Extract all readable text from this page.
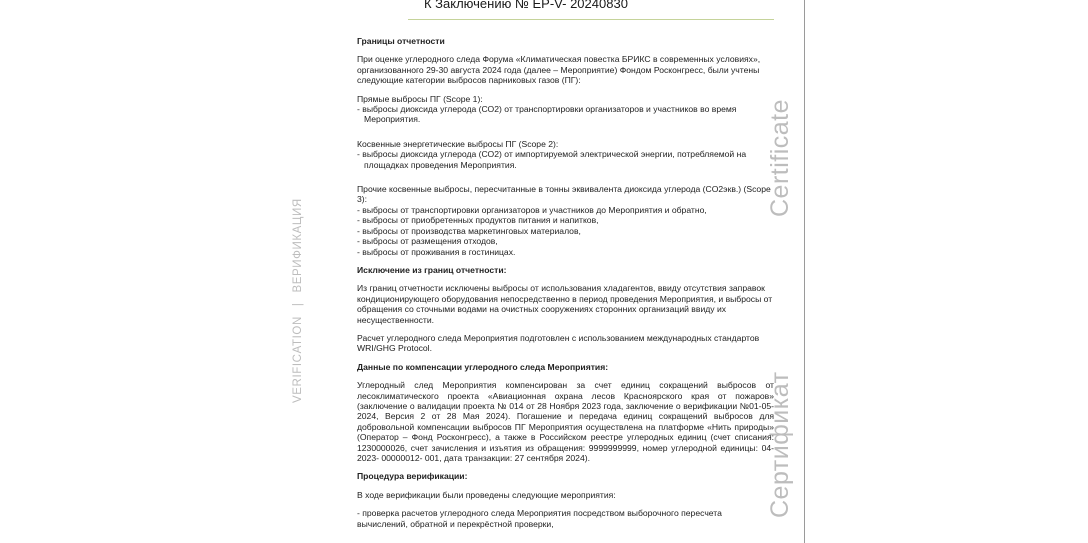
К Заключению № EP-V- 20240830
VERIFICATION|ВЕРИФИКАЦИЯ
Certificate
Сертификат

Границы отчетности

При оценке углеродного следа Форума «Климатическая повестка БРИКС в современных условиях», организованного 29-30 августа 2024 года (далее – Мероприятие) Фондом Росконгресс, были учтены следующие категории выбросов парниковых газов (ПГ):

Прямые выбросы ПГ (Scope 1):

- выбросы диоксида углерода (СО2) от транспортировки организаторов и участников во время Мероприятия.

Косвенные энергетические выбросы ПГ (Scope 2):

- выбросы диоксида углерода (СО2) от импортируемой электрической энергии, потребляемой на площадках проведения Мероприятия.

Прочие косвенные выбросы, пересчитанные в тонны эквивалента диоксида углерода (CO2экв.) (Scope 3):

- выбросы от транспортировки организаторов и участников до Мероприятия и обратно,

- выбросы от приобретенных продуктов питания и напитков,

- выбросы от производства маркетинговых материалов,

- выбросы от размещения отходов,

- выбросы от проживания в гостиницах.

Исключение из границ отчетности:

Из границ отчетности исключены выбросы от использования хладагентов, ввиду отсутствия заправок кондиционирующего оборудования непосредственно в период проведения Мероприятия, и выбросы от обращения со сточными водами на очистных сооружениях сторонних организаций ввиду их несущественности.

Расчет углеродного следа Мероприятия подготовлен с использованием международных стандартов WRI/GHG Protocol.

Данные по компенсации углеродного следа Мероприятия:

Углеродный след Мероприятия компенсирован за счет единиц сокращений выбросов от лесоклиматического проекта «Авиационная охрана лесов Красноярского края от пожаров» (заключение о валидации проекта № 014 от 28 Ноября 2023 года, заключение о верификации №01-05-2024, Версия 2 от 28 Мая 2024). Погашение и передача единиц сокращений выбросов для добровольной компенсации выбросов ПГ Мероприятия осуществлена на платформе «Нить природы» (Оператор – Фонд Росконгресс), а также в Российском реестре углеродных единиц (счет списания: 1230000026, счет зачисления и изъятия из обращения: 9999999999, номер углеродной единицы: 04-2023- 00000012- 001, дата транзакции: 27 сентября 2024).

Процедура верификации:

В ходе верификации были проведены следующие мероприятия:

- проверка расчетов углеродного следа Мероприятия посредством выборочного пересчета вычислений, обратной и перекрёстной проверки,
